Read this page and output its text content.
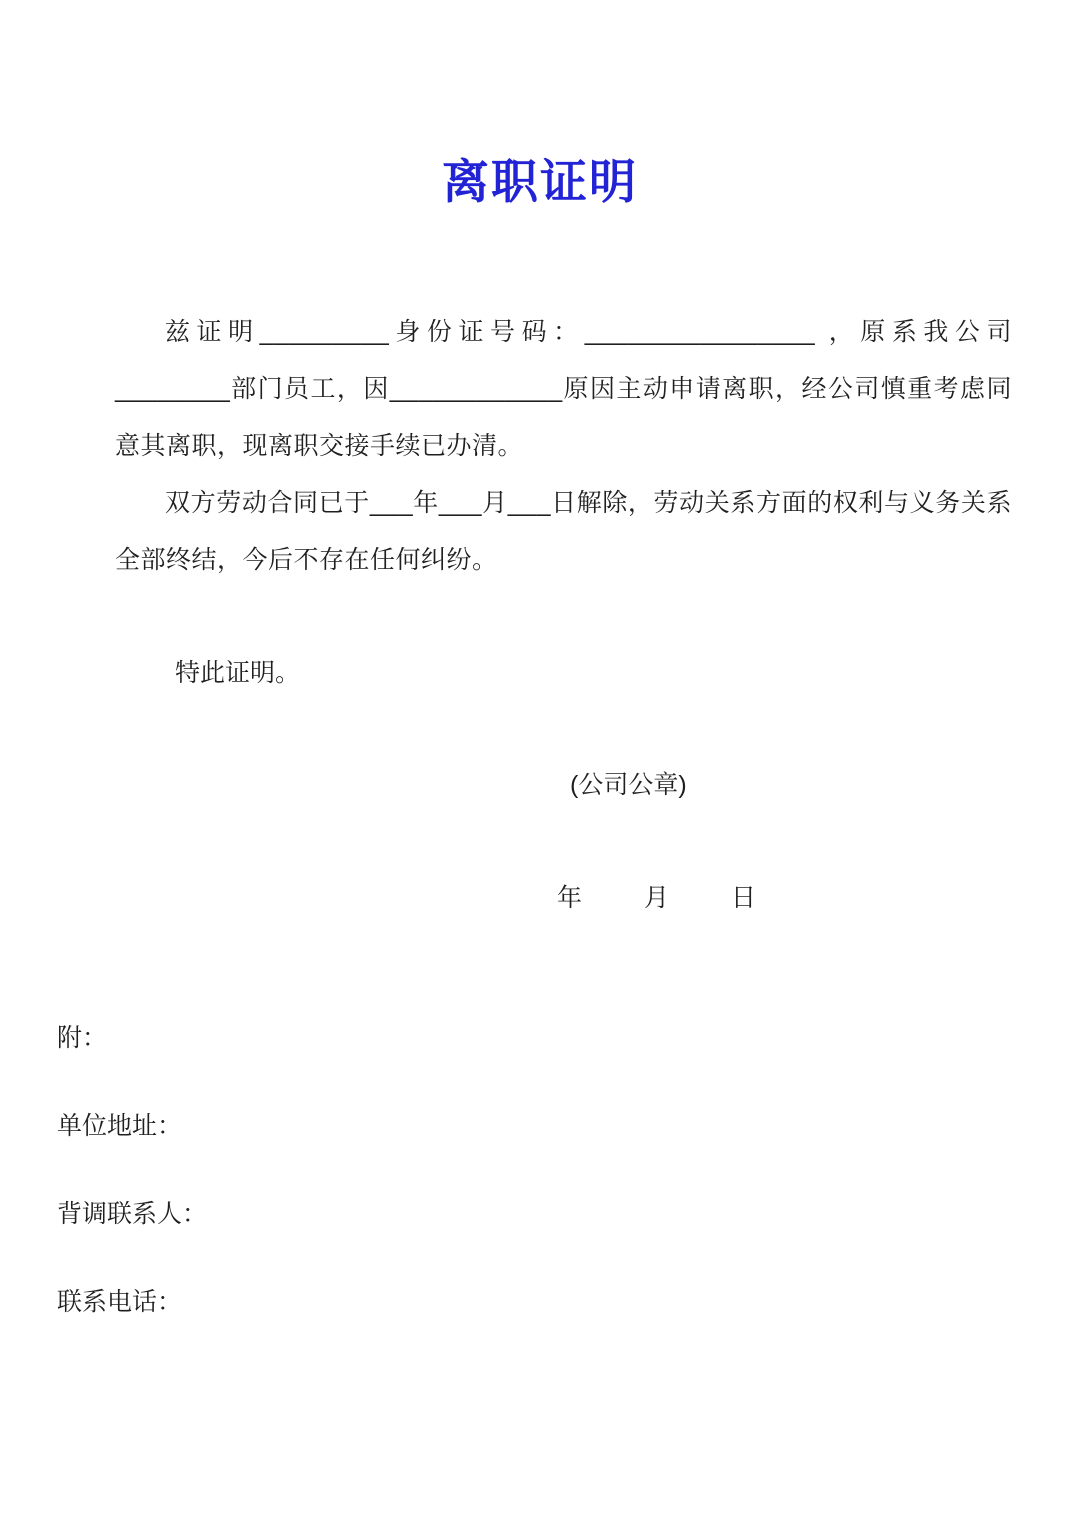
离职证明

兹证明_________身份证号码：________________ ，原系我公司________部门员工，因____________原因主动申请离职，经公司慎重考虑同意其离职，现离职交接手续已办清。

双方劳动合同已于___年___月___日解除，劳动关系方面的权利与义务关系全部终结，今后不存在任何纠纷。

特此证明。

(公司公章)

年 月 日

附：

单位地址：

背调联系人：

联系电话：
